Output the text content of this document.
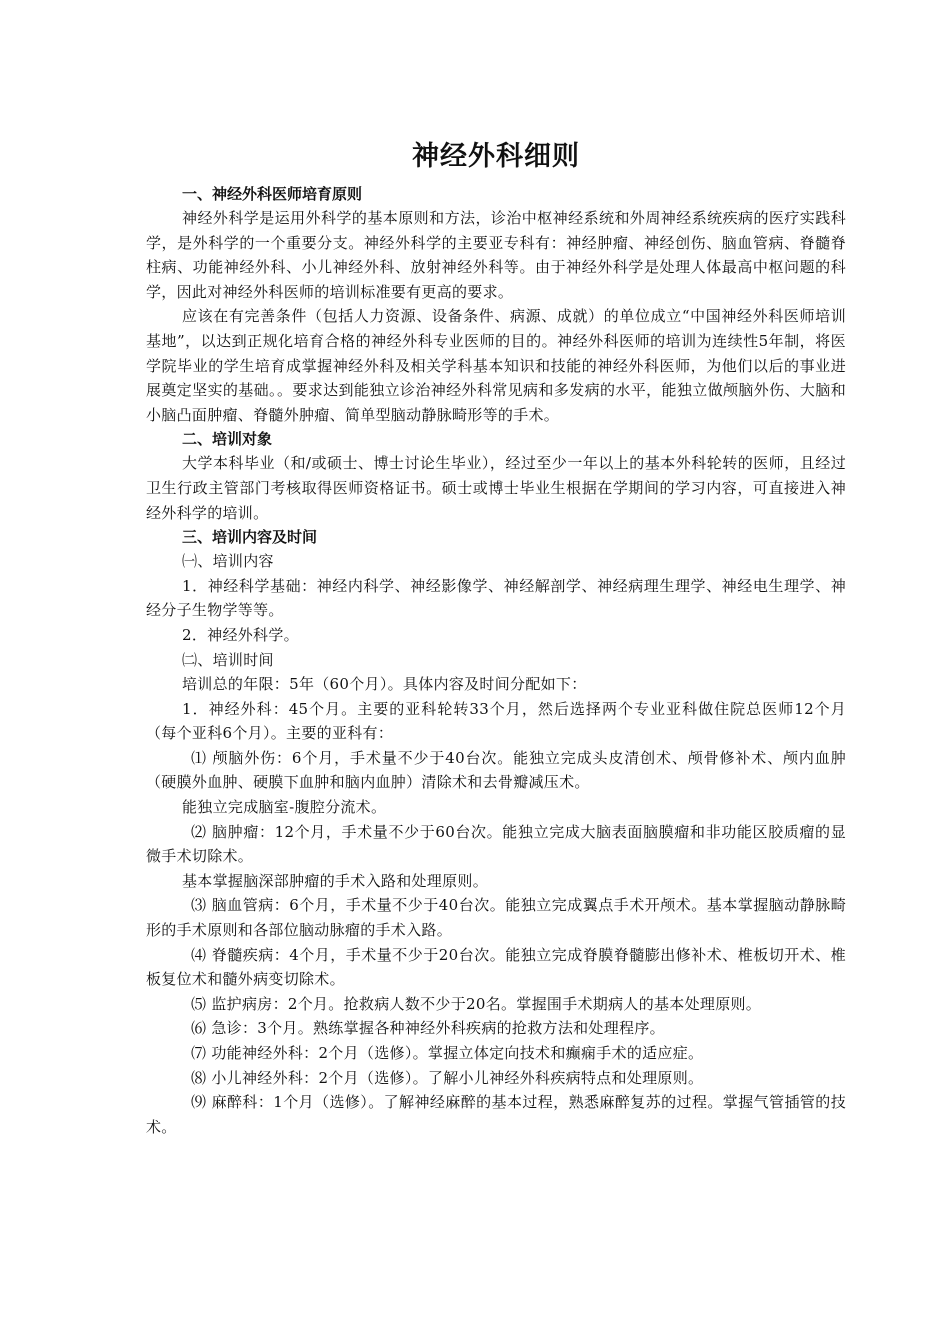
神经外科细则
一、神经外科医师培育原则
神经外科学是运用外科学的基本原则和方法，诊治中枢神经系统和外周神经系统疾病的医疗实践科学，是外科学的一个重要分支。神经外科学的主要亚专科有：神经肿瘤、神经创伤、脑血管病、脊髓脊柱病、功能神经外科、小儿神经外科、放射神经外科等。由于神经外科学是处理人体最高中枢问题的科学，因此对神经外科医师的培训标准要有更高的要求。
应该在有完善条件（包括人力资源、设备条件、病源、成就）的单位成立“中国神经外科医师培训基地”，以达到正规化培育合格的神经外科专业医师的目的。神经外科医师的培训为连续性5年制，将医学院毕业的学生培育成掌握神经外科及相关学科基本知识和技能的神经外科医师，为他们以后的事业进展奠定坚实的基础。。要求达到能独立诊治神经外科常见病和多发病的水平，能独立做颅脑外伤、大脑和小脑凸面肿瘤、脊髓外肿瘤、简单型脑动静脉畸形等的手术。
二、培训对象
大学本科毕业（和/或硕士、博士讨论生毕业），经过至少一年以上的基本外科轮转的医师，且经过卫生行政主管部门考核取得医师资格证书。硕士或博士毕业生根据在学期间的学习内容，可直接进入神经外科学的培训。
三、培训内容及时间
㈠、培训内容
1．神经科学基础：神经内科学、神经影像学、神经解剖学、神经病理生理学、神经电生理学、神经分子生物学等等。
2．神经外科学。
㈡、培训时间
培训总的年限：5年（60个月）。具体内容及时间分配如下：
1．神经外科：45个月。主要的亚科轮转33个月，然后选择两个专业亚科做住院总医师12个月（每个亚科6个月）。主要的亚科有：
⑴ 颅脑外伤：6个月，手术量不少于40台次。能独立完成头皮清创术、颅骨修补术、颅内血肿（硬膜外血肿、硬膜下血肿和脑内血肿）清除术和去骨瓣减压术。
能独立完成脑室-腹腔分流术。
⑵ 脑肿瘤：12个月，手术量不少于60台次。能独立完成大脑表面脑膜瘤和非功能区胶质瘤的显微手术切除术。
基本掌握脑深部肿瘤的手术入路和处理原则。
⑶ 脑血管病：6个月，手术量不少于40台次。能独立完成翼点手术开颅术。基本掌握脑动静脉畸形的手术原则和各部位脑动脉瘤的手术入路。
⑷ 脊髓疾病：4个月，手术量不少于20台次。能独立完成脊膜脊髓膨出修补术、椎板切开术、椎板复位术和髓外病变切除术。
⑸ 监护病房：2个月。抢救病人数不少于20名。掌握围手术期病人的基本处理原则。
⑹ 急诊：3个月。熟练掌握各种神经外科疾病的抢救方法和处理程序。
⑺ 功能神经外科：2个月（选修）。掌握立体定向技术和癫痫手术的适应症。
⑻ 小儿神经外科：2个月（选修）。了解小儿神经外科疾病特点和处理原则。
⑼ 麻醉科：1个月（选修）。了解神经麻醉的基本过程，熟悉麻醉复苏的过程。掌握气管插管的技术。
